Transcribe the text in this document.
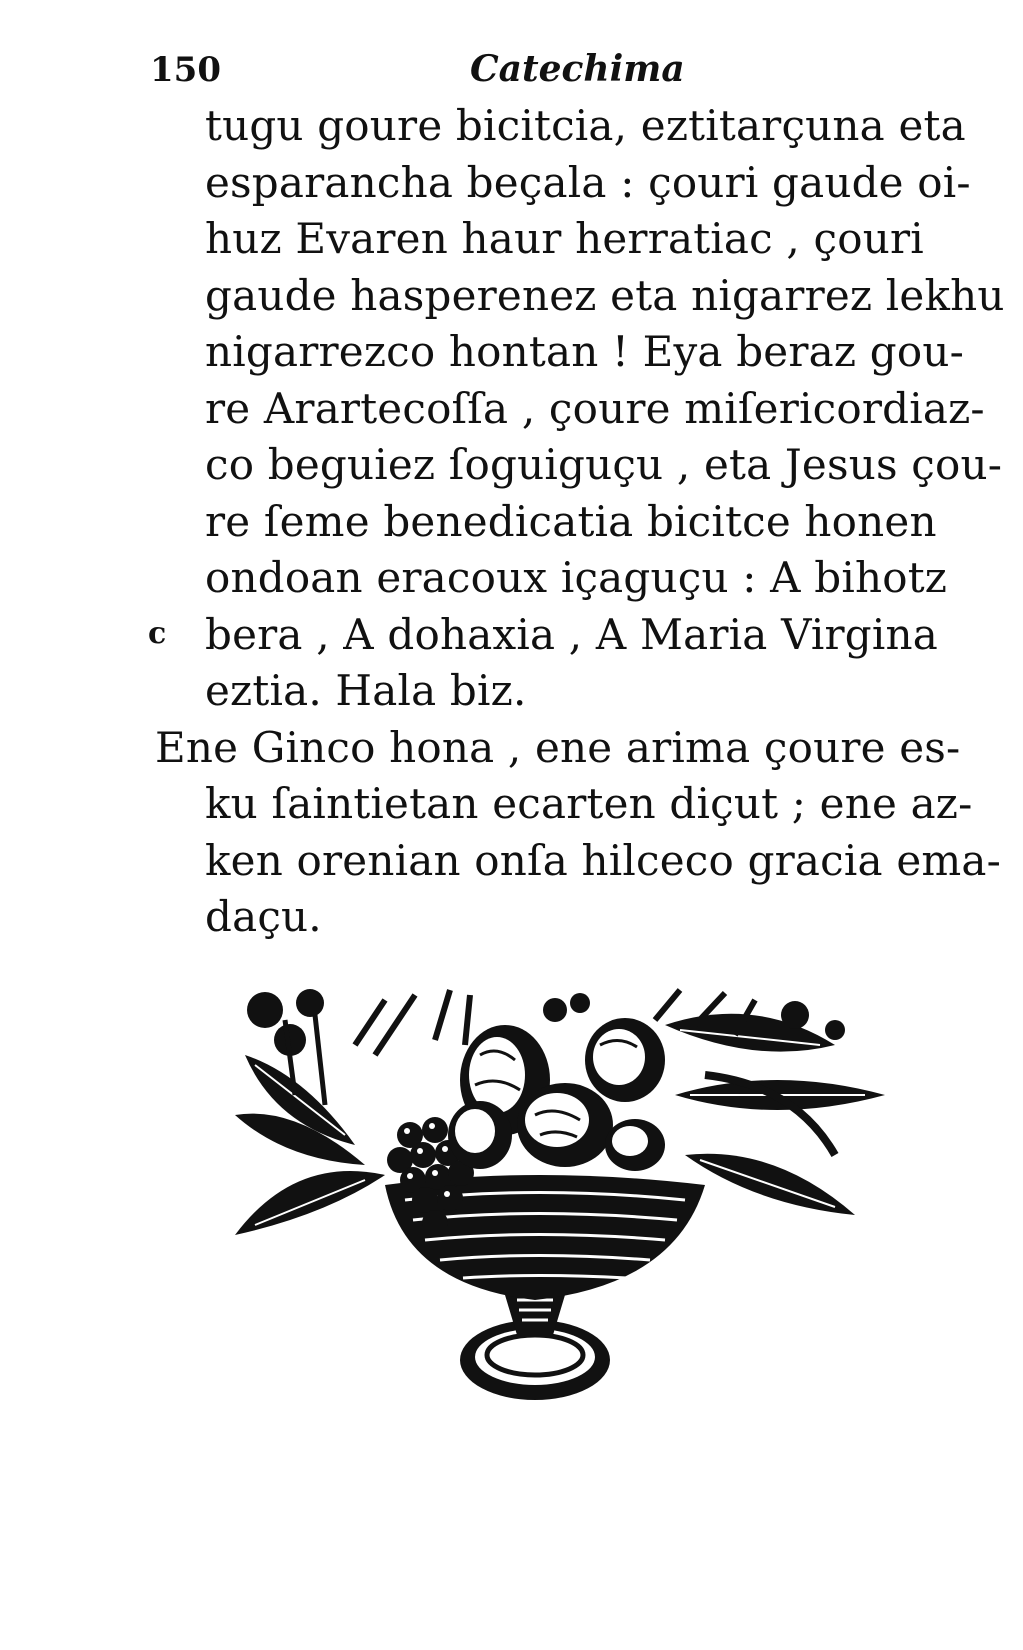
150	Catechima
tugu goure bicitcia, eztitarçuna eta
esparancha beçala : çouri gaude oi-
huz Evaren haur herratiac , çouri
gaude hasperenez eta nigarrez lekhu
nigarrezco hontan ! Eya beraz gou-
re Arartecoſſa , çoure miſericordiaz-
co beguiez ſoguiguçu , eta Jesus çou-
re ſeme benedicatia bicitce honen
ondoan eracoux içaguçu : A bihotz
bera , A dohaxia , A Maria Virgina
eztia. Hala biz.
Ene Ginco hona , ene arima çoure es-
ku ſaintietan ecarten diçut ; ene az-
ken orenian onſa hilceco gracia ema-
daçu.
c
